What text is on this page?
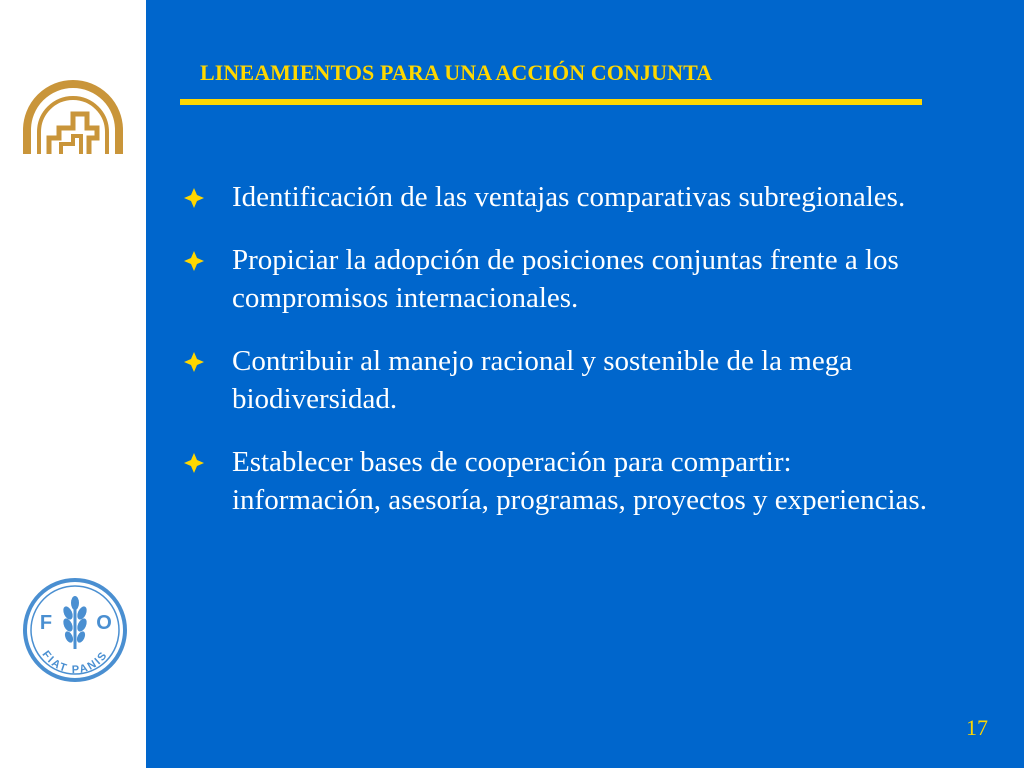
F O
FIAT PANIS
LINEAMIENTOS PARA UNA ACCIÓN CONJUNTA
Identificación de las ventajas comparativas subregionales.
Propiciar la adopción de posiciones conjuntas frente a los compromisos internacionales.
Contribuir al manejo racional y sostenible de la mega biodiversidad.
Establecer bases de cooperación para compartir: información, asesoría, programas, proyectos y experiencias.
17
